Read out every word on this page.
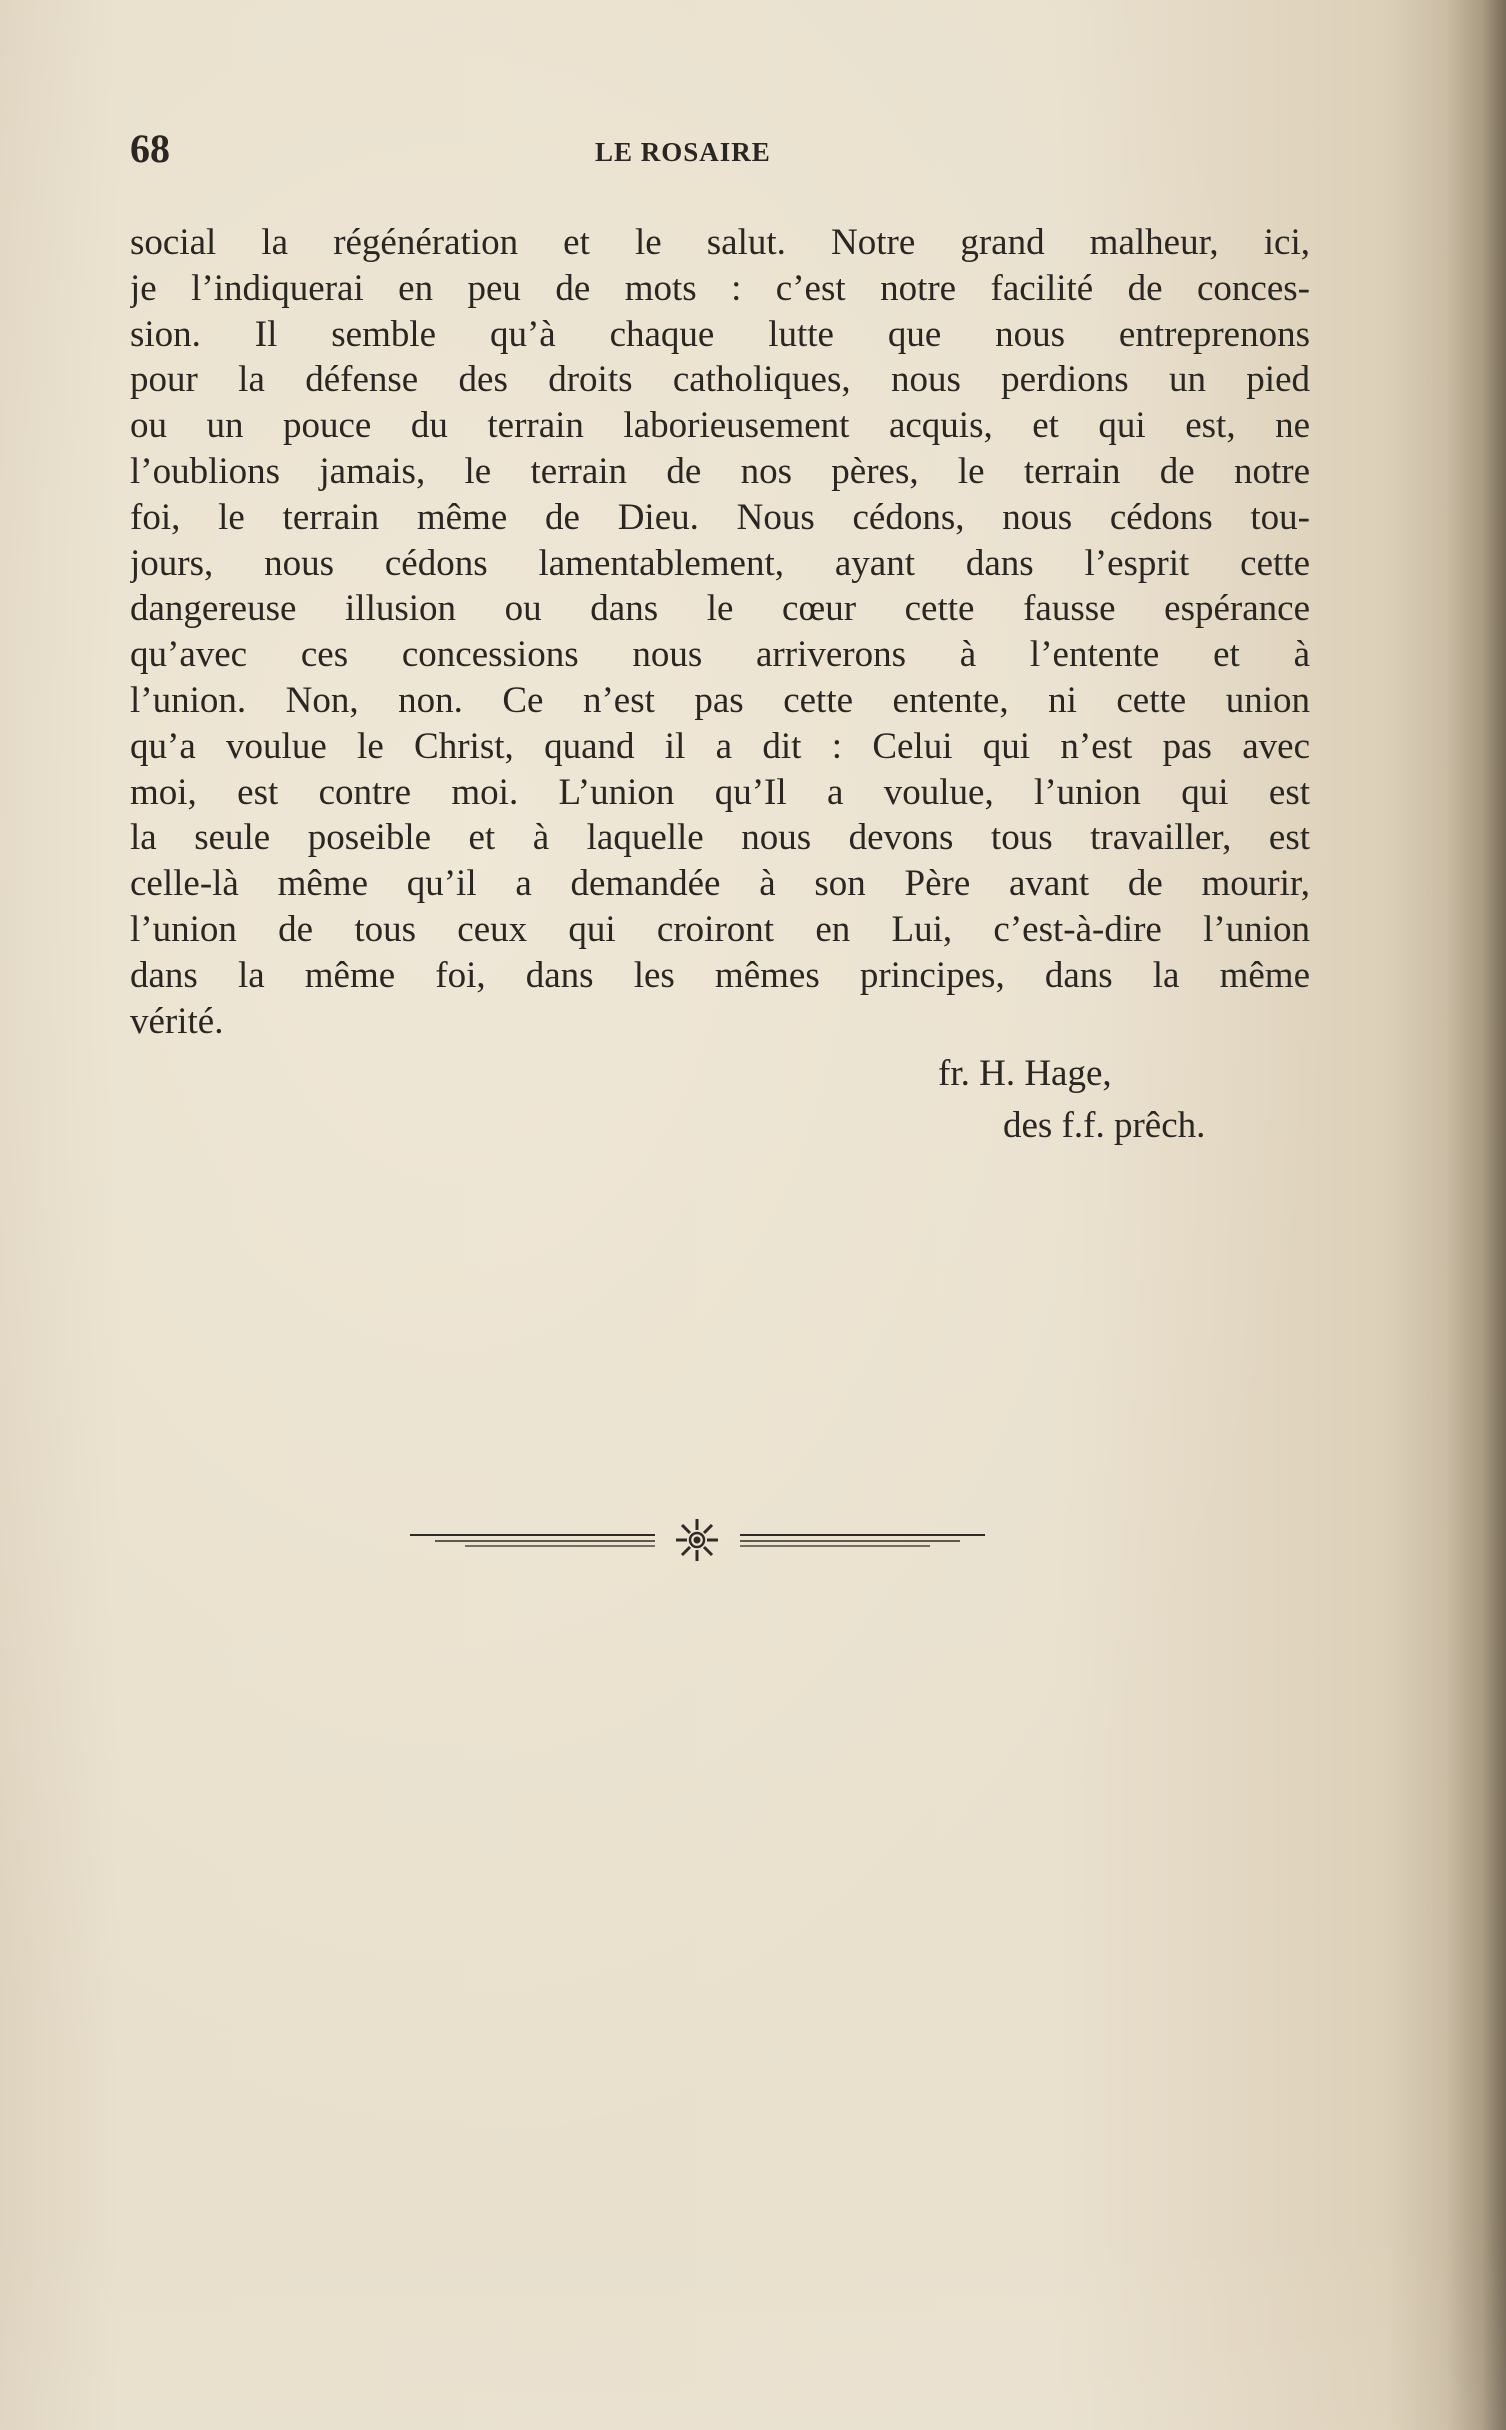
68	LE ROSAIRE
social la régénération et le salut. Notre grand malheur, ici,
je l’indiquerai en peu de mots : c’est notre facilité de conces-
sion. Il semble qu’à chaque lutte que nous entreprenons
pour la défense des droits catholiques, nous perdions un pied
ou un pouce du terrain laborieusement acquis, et qui est, ne
l’oublions jamais, le terrain de nos pères, le terrain de notre
foi, le terrain même de Dieu. Nous cédons, nous cédons tou-
jours, nous cédons lamentablement, ayant dans l’esprit cette
dangereuse illusion ou dans le cœur cette fausse espérance
qu’avec ces concessions nous arriverons à l’entente et à
l’union. Non, non. Ce n’est pas cette entente, ni cette union
qu’a voulue le Christ, quand il a dit : Celui qui n’est pas avec
moi, est contre moi. L’union qu’Il a voulue, l’union qui est
la seule poseible et à laquelle nous devons tous travailler, est
celle-là même qu’il a demandée à son Père avant de mourir,
l’union de tous ceux qui croiront en Lui, c’est-à-dire l’union
dans la même foi, dans les mêmes principes, dans la même
vérité.
fr. H. Hage,
des f.f. prêch.
